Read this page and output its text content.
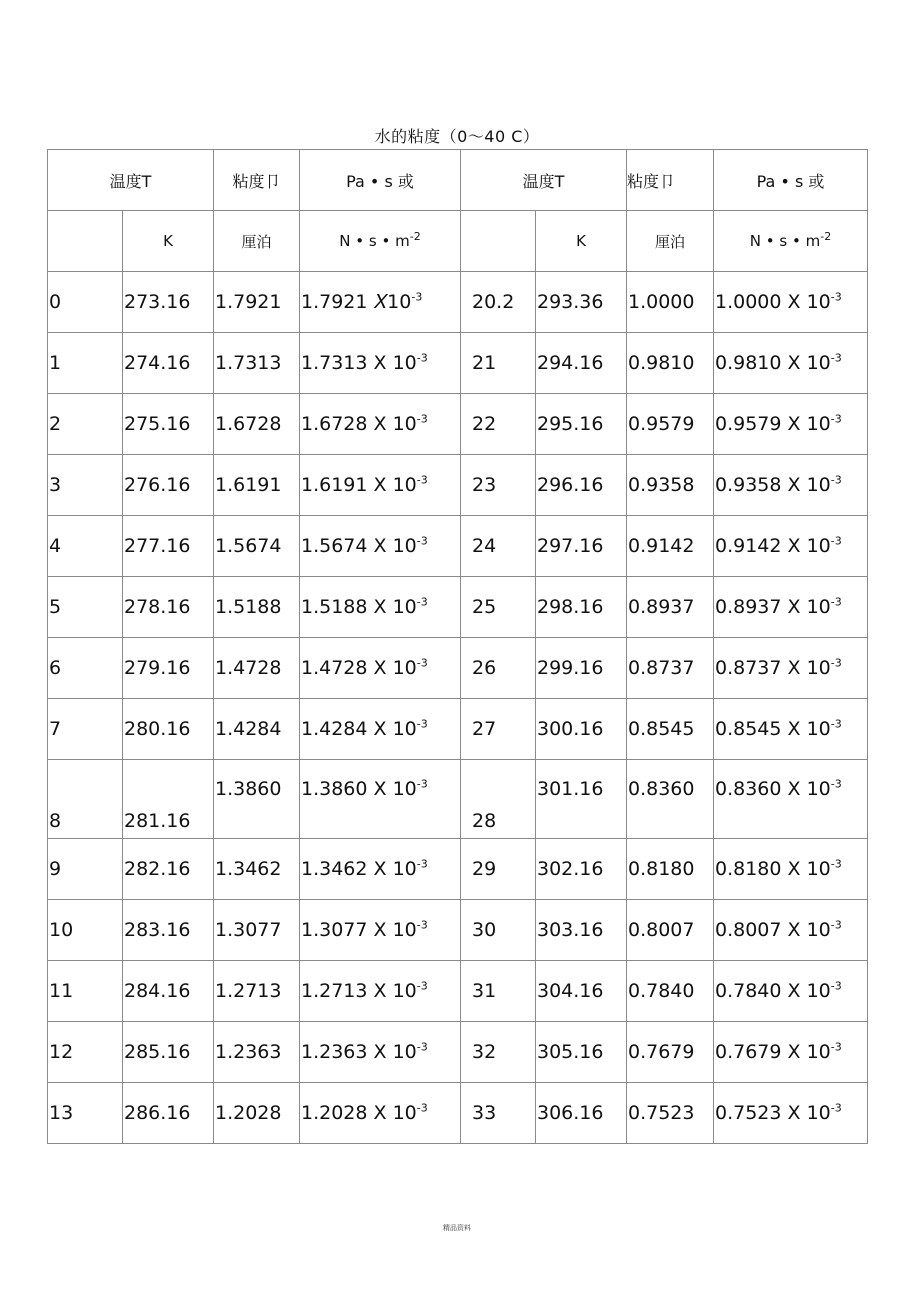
水的粘度（0〜40 C）
温度T		粘度卩	Pa • s 或	温度T		粘度卩	Pa • s 或
	K	厘泊	N • s • $m^{-2}$		K	厘泊	N • s • $m^{-2}$
0	273.16	1.7921	1.7921 $𝑋10^{-3}$	20.2	293.36	1.0000	1.0000 X $10^{-3}$
1	274.16	1.7313	1.7313 X $10^{-3}$	21	294.16	0.9810	0.9810 X $10^{-3}$
2	275.16	1.6728	1.6728 X $10^{-3}$	22	295.16	0.9579	0.9579 X $10^{-3}$
3	276.16	1.6191	1.6191 X $10^{-3}$	23	296.16	0.9358	0.9358 X $10^{-3}$
4	277.16	1.5674	1.5674 X $10^{-3}$	24	297.16	0.9142	0.9142 X $10^{-3}$
5	278.16	1.5188	1.5188 X $10^{-3}$	25	298.16	0.8937	0.8937 X $10^{-3}$
6	279.16	1.4728	1.4728 X $10^{-3}$	26	299.16	0.8737	0.8737 X $10^{-3}$
7	280.16	1.4284	1.4284 X $10^{-3}$	27	300.16	0.8545	0.8545 X $10^{-3}$
8	281.16	1.3860	1.3860 X $10^{-3}$	28	301.16	0.8360	0.8360 X $10^{-3}$
9	282.16	1.3462	1.3462 X $10^{-3}$	29	302.16	0.8180	0.8180 X $10^{-3}$
10	283.16	1.3077	1.3077 X $10^{-3}$	30	303.16	0.8007	0.8007 X $10^{-3}$
11	284.16	1.2713	1.2713 X $10^{-3}$	31	304.16	0.7840	0.7840 X $10^{-3}$
12	285.16	1.2363	1.2363 X $10^{-3}$	32	305.16	0.7679	0.7679 X $10^{-3}$
13	286.16	1.2028	1.2028 X $10^{-3}$	33	306.16	0.7523	0.7523 X $10^{-3}$
精品资料
